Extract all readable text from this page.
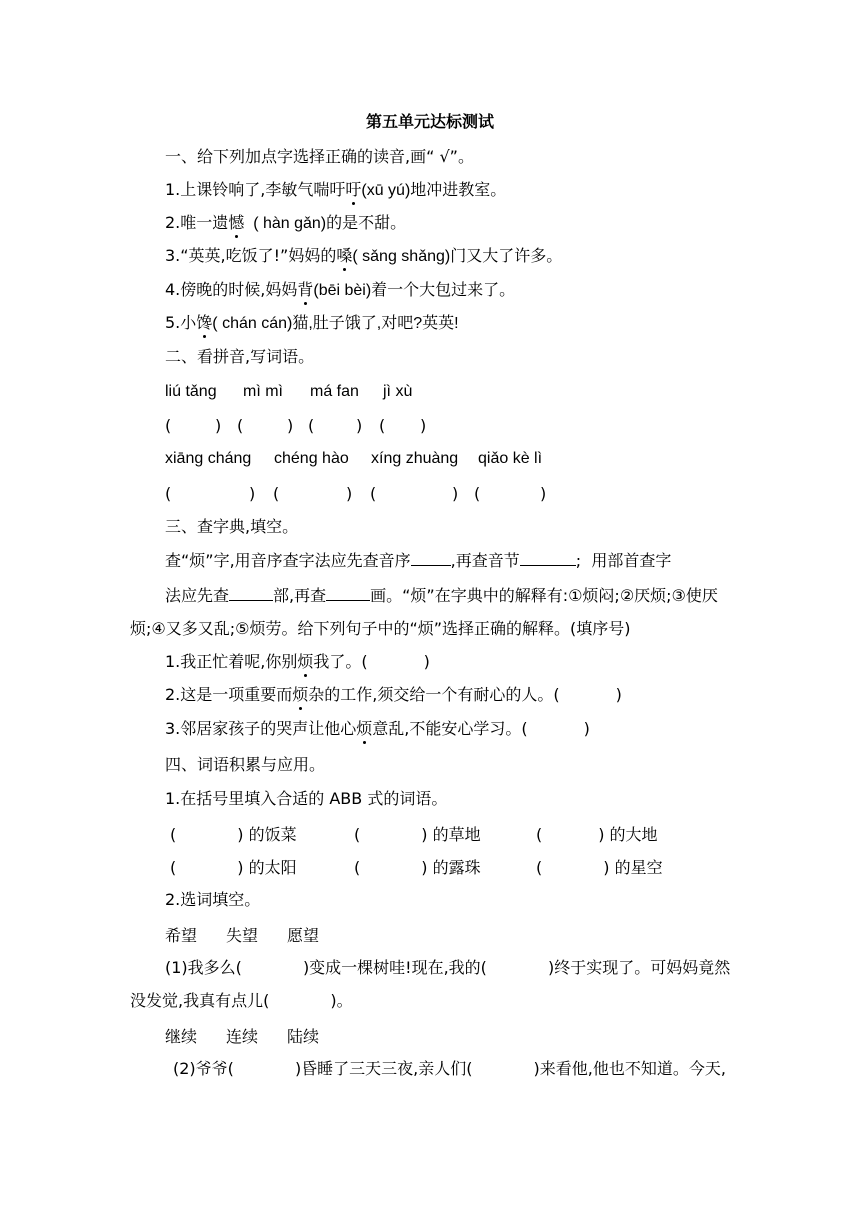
第五单元达标测试
一、给下列加点字选择正确的读音,画“ √”。
1.上课铃响了,李敏气喘吁吁(xū yú)地冲进教室。
2.唯一遗憾  ( hàn gǎn)的是不甜。
3.“英英,吃饭了!”妈妈的嗓( sǎng shǎng)门又大了许多。
4.傍晚的时候,妈妈背(bēi bèi)着一个大包过来了。
5.小馋( chán cán)猫,肚子饿了,对吧?英英!
二、看拼音,写词语。
liú tǎng mì mì má fan jì xù
(	) (	) (	) ( )
xiāng cháng chéng hào xíng zhuàng qiǎo kè lì
(	) (	) (	) (	)
三、查字典,填空。
查“烦”字,用音序查字法应先查音序	,再查音节	;  用部首查字
法应先查	部,再查	画。“烦”在字典中的解释有:①烦闷;②厌烦;③使厌
烦;④又多又乱;⑤烦劳。给下列句子中的“烦”选择正确的解释。(填序号)
1.我正忙着呢,你别烦我了。(           )
2.这是一项重要而烦杂的工作,须交给一个有耐心的人。(           )
3.邻居家孩子的哭声让他心烦意乱,不能安心学习。(           )
四、词语积累与应用。
1.在括号里填入合适的 ABB 式的词语。
(            ) 的饭菜	(            ) 的草地	(           ) 的大地
(            ) 的太阳	(            ) 的露珠	(            ) 的星空
2.选词填空。
希望 失望 愿望
(1)我多么(            )变成一棵树哇!现在,我的(            )终于实现了。可妈妈竟然
没发觉,我真有点儿(            )。
继续 连续 陆续
(2)爷爷(            )昏睡了三天三夜,亲人们(            )来看他,他也不知道。今天,
